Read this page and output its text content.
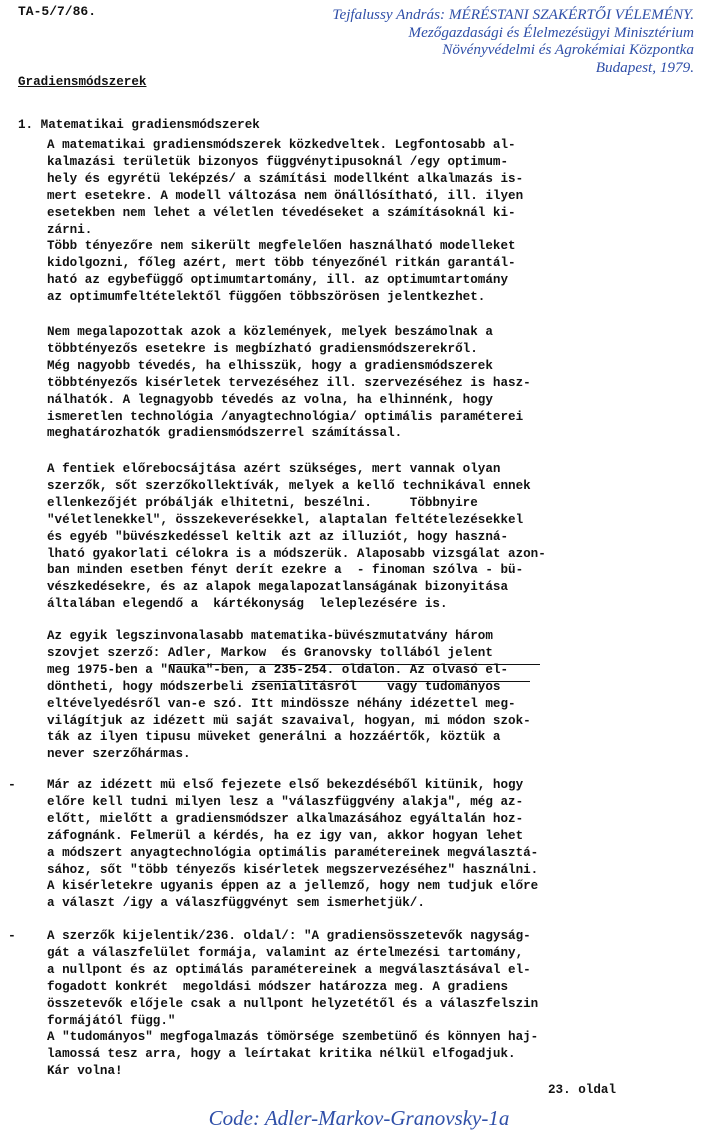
TA-5/7/86.	Tejfalussy András: MÉRÉSTANI SZAKÉRTŐI VÉLEMÉNY.
Mezőgazdasági és Élelmezésügyi Minisztérium
Növényvédelmi és Agrokémiai Központka
Budapest, 1979.
Gradiensmódszerek
1. Matematikai gradiensmódszerek
A matematikai gradiensmódszerek közkedveltek. Legfontosabb al-
kalmazási területük bizonyos függvénytipusoknál /egy optimum-
hely és egyrétü leképzés/ a számítási modellként alkalmazás is-
mert esetekre. A modell változása nem önállósítható, ill. ilyen
esetekben nem lehet a véletlen tévedéseket a számításoknál ki-
zárni.
Több tényezőre nem sikerült megfelelően használható modelleket
kidolgozni, főleg azért, mert több tényezőnél ritkán garantál-
ható az egybefüggő optimumtartomány, ill. az optimumtartomány
az optimumfeltételektől függően többszörösen jelentkezhet.
Nem megalapozottak azok a közlemények, melyek beszámolnak a
többtényezős esetekre is megbízható gradiensmódszerekről.
Még nagyobb tévedés, ha elhisszük, hogy a gradiensmódszerek
többtényezős kisérletek tervezéséhez ill. szervezéséhez is hasz-
nálhatók. A legnagyobb tévedés az volna, ha elhinnénk, hogy
ismeretlen technológia /anyagtechnológia/ optimális paraméterei
meghatározhatók gradiensmódszerrel számítással.
A fentiek előrebocsájtása azért szükséges, mert vannak olyan
szerzők, sőt szerzőkollektívák, melyek a kellő technikával ennek
ellenkezőjét próbálják elhitetni, beszélni.     Többnyire
"véletlenekkel", összekeverésekkel, alaptalan feltételezésekkel
és egyéb "büvészkedéssel keltik azt az illuziót, hogy haszná-
lható gyakorlati célokra is a módszerük. Alaposabb vizsgálat azon-
ban minden esetben fényt derít ezekre a  - finoman szólva - bü-
vészkedésekre, és az alapok megalapozatlanságának bizonyitása
általában elegendő a  kártékonyság  leleplezésére is.
Az egyik legszinvonalasabb matematika-büvészmutatvány három
szovjet szerző: Adler, Markow  és Granovsky tollából jelent
meg 1975-ben a "Nauka"-ben, a 235-254. oldalon. Az olvasó el-
döntheti, hogy módszerbeli zsenialitásról    vagy tudományos
eltévelyedésről van-e szó. Itt mindössze néhány idézettel meg-
világítjuk az idézett mü saját szavaival, hogyan, mi módon szok-
ták az ilyen tipusu müveket generálni a hozzáértők, köztük a
never szerzőhármas.
Már az idézett mü első fejezete első bekezdéséből kitünik, hogy
előre kell tudni milyen lesz a "válaszfüggvény alakja", még az-
előtt, mielőtt a gradiensmódszer alkalmazásához egyáltalán hoz-
záfognánk. Felmerül a kérdés, ha ez igy van, akkor hogyan lehet
a módszert anyagtechnológia optimális paramétereinek megválasztá-
sához, sőt "több tényezős kisérletek megszervezéséhez" használni.
A kisérletekre ugyanis éppen az a jellemző, hogy nem tudjuk előre
a választ /igy a válaszfüggvényt sem ismerhetjük/.
A szerzők kijelentik/236. oldal/: "A gradiensösszetevők nagyság-
gát a válaszfelület formája, valamint az értelmezési tartomány,
a nullpont és az optimálás paramétereinek a megválasztásával el-
fogadott konkrét  megoldási módszer határozza meg. A gradiens
összetevők előjele csak a nullpont helyzetétől és a válaszfelszin
formájától függ."
A "tudományos" megfogalmazás tömörsége szembetünő és könnyen haj-
lamossá tesz arra, hogy a leírtakat kritika nélkül elfogadjuk.
Kár volna!
-
-
23. oldal
Code: Adler-Markov-Granovsky-1a
